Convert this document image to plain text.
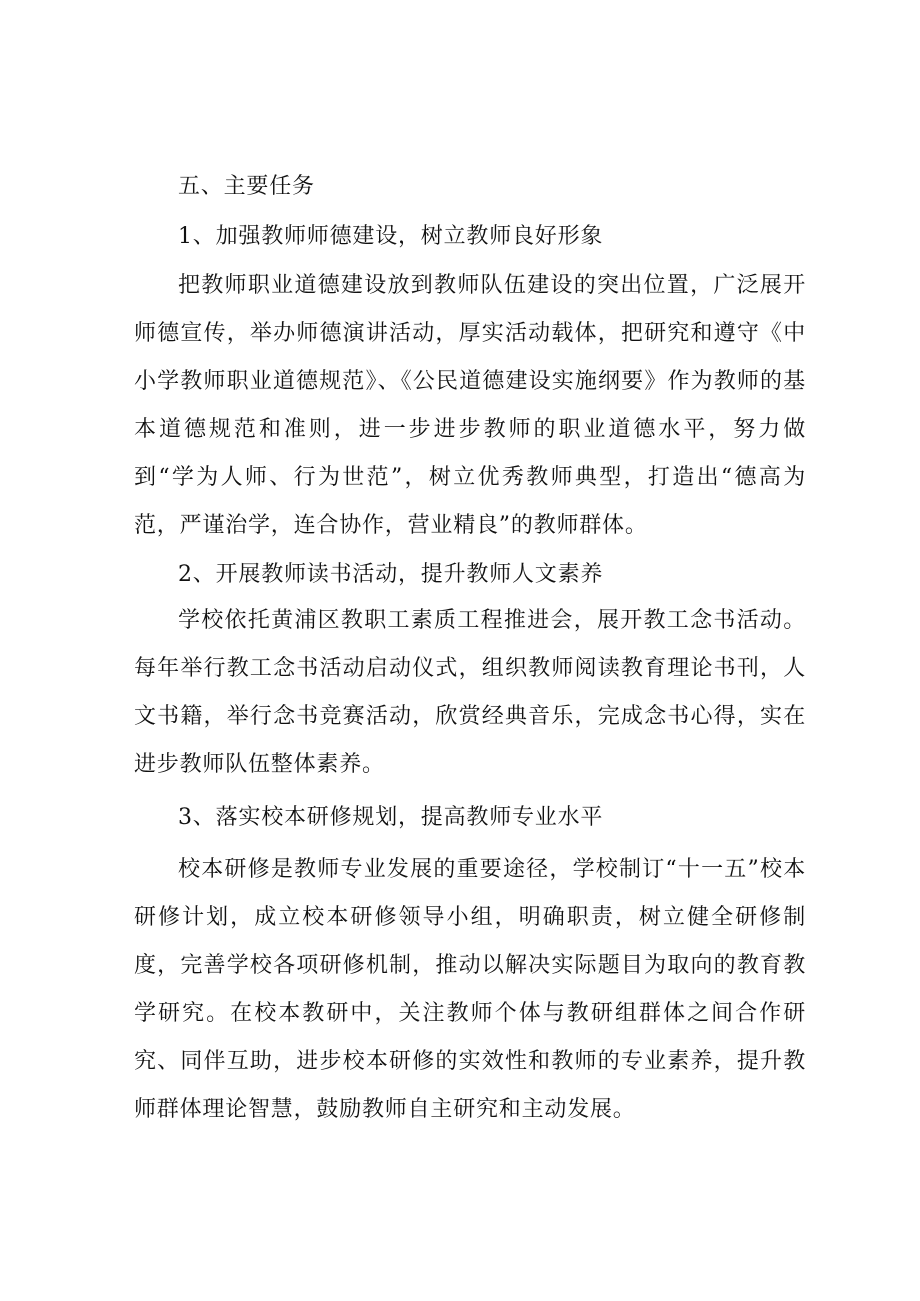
五、主要任务

1、加强教师师德建设，树立教师良好形象

把教师职业道德建设放到教师队伍建设的突出位置，广泛展开师德宣传，举办师德演讲活动，厚实活动载体，把研究和遵守《中小学教师职业道德规范》、《公民道德建设实施纲要》作为教师的基本道德规范和准则，进一步进步教师的职业道德水平，努力做到“学为人师、行为世范”，树立优秀教师典型，打造出“德高为范，严谨治学，连合协作，营业精良”的教师群体。

2、开展教师读书活动，提升教师人文素养

学校依托黄浦区教职工素质工程推进会，展开教工念书活动。每年举行教工念书活动启动仪式，组织教师阅读教育理论书刊，人文书籍，举行念书竞赛活动，欣赏经典音乐，完成念书心得，实在进步教师队伍整体素养。

3、落实校本研修规划，提高教师专业水平

校本研修是教师专业发展的重要途径，学校制订“十一五”校本研修计划，成立校本研修领导小组，明确职责，树立健全研修制度，完善学校各项研修机制，推动以解决实际题目为取向的教育教学研究。在校本教研中，关注教师个体与教研组群体之间合作研究、同伴互助，进步校本研修的实效性和教师的专业素养，提升教师群体理论智慧，鼓励教师自主研究和主动发展。
